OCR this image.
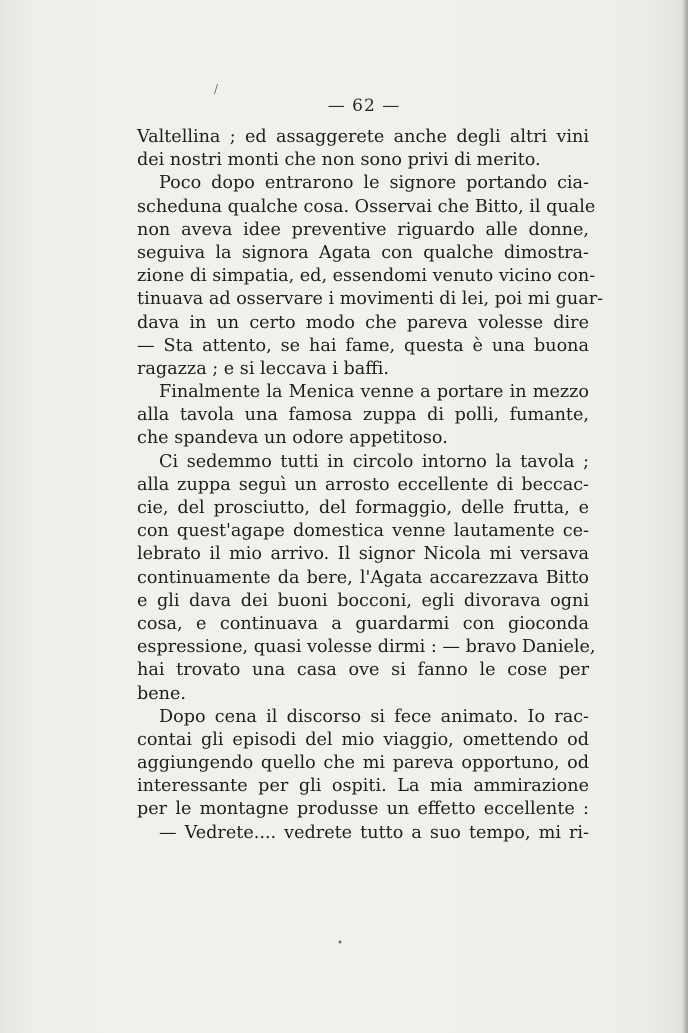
— 62 —
Valtellina ; ed assaggerete anche degli altri vini
dei nostri monti che non sono privi di merito.
Poco dopo entrarono le signore portando cia-
scheduna qualche cosa. Osservai che Bitto, il quale
non aveva idee preventive riguardo alle donne,
seguiva la signora Agata con qualche dimostra-
zione di simpatia, ed, essendomi venuto vicino con-
tinuava ad osservare i movimenti di lei, poi mi guar-
dava in un certo modo che pareva volesse dire
— Sta attento, se hai fame, questa è una buona
ragazza ; e si leccava i baffi.
Finalmente la Menica venne a portare in mezzo
alla tavola una famosa zuppa di polli, fumante,
che spandeva un odore appetitoso.
Ci sedemmo tutti in circolo intorno la tavola ;
alla zuppa seguì un arrosto eccellente di beccac-
cie, del prosciutto, del formaggio, delle frutta, e
con quest'agape domestica venne lautamente ce-
lebrato il mio arrivo. Il signor Nicola mi versava
continuamente da bere, l'Agata accarezzava Bitto
e gli dava dei buoni bocconi, egli divorava ogni
cosa, e continuava a guardarmi con gioconda
espressione, quasi volesse dirmi : — bravo Daniele,
hai trovato una casa ove si fanno le cose per
bene.
Dopo cena il discorso si fece animato. Io rac-
contai gli episodi del mio viaggio, omettendo od
aggiungendo quello che mi pareva opportuno, od
interessante per gli ospiti. La mia ammirazione
per le montagne produsse un effetto eccellente :
— Vedrete.... vedrete tutto a suo tempo, mi ri-
/
•
